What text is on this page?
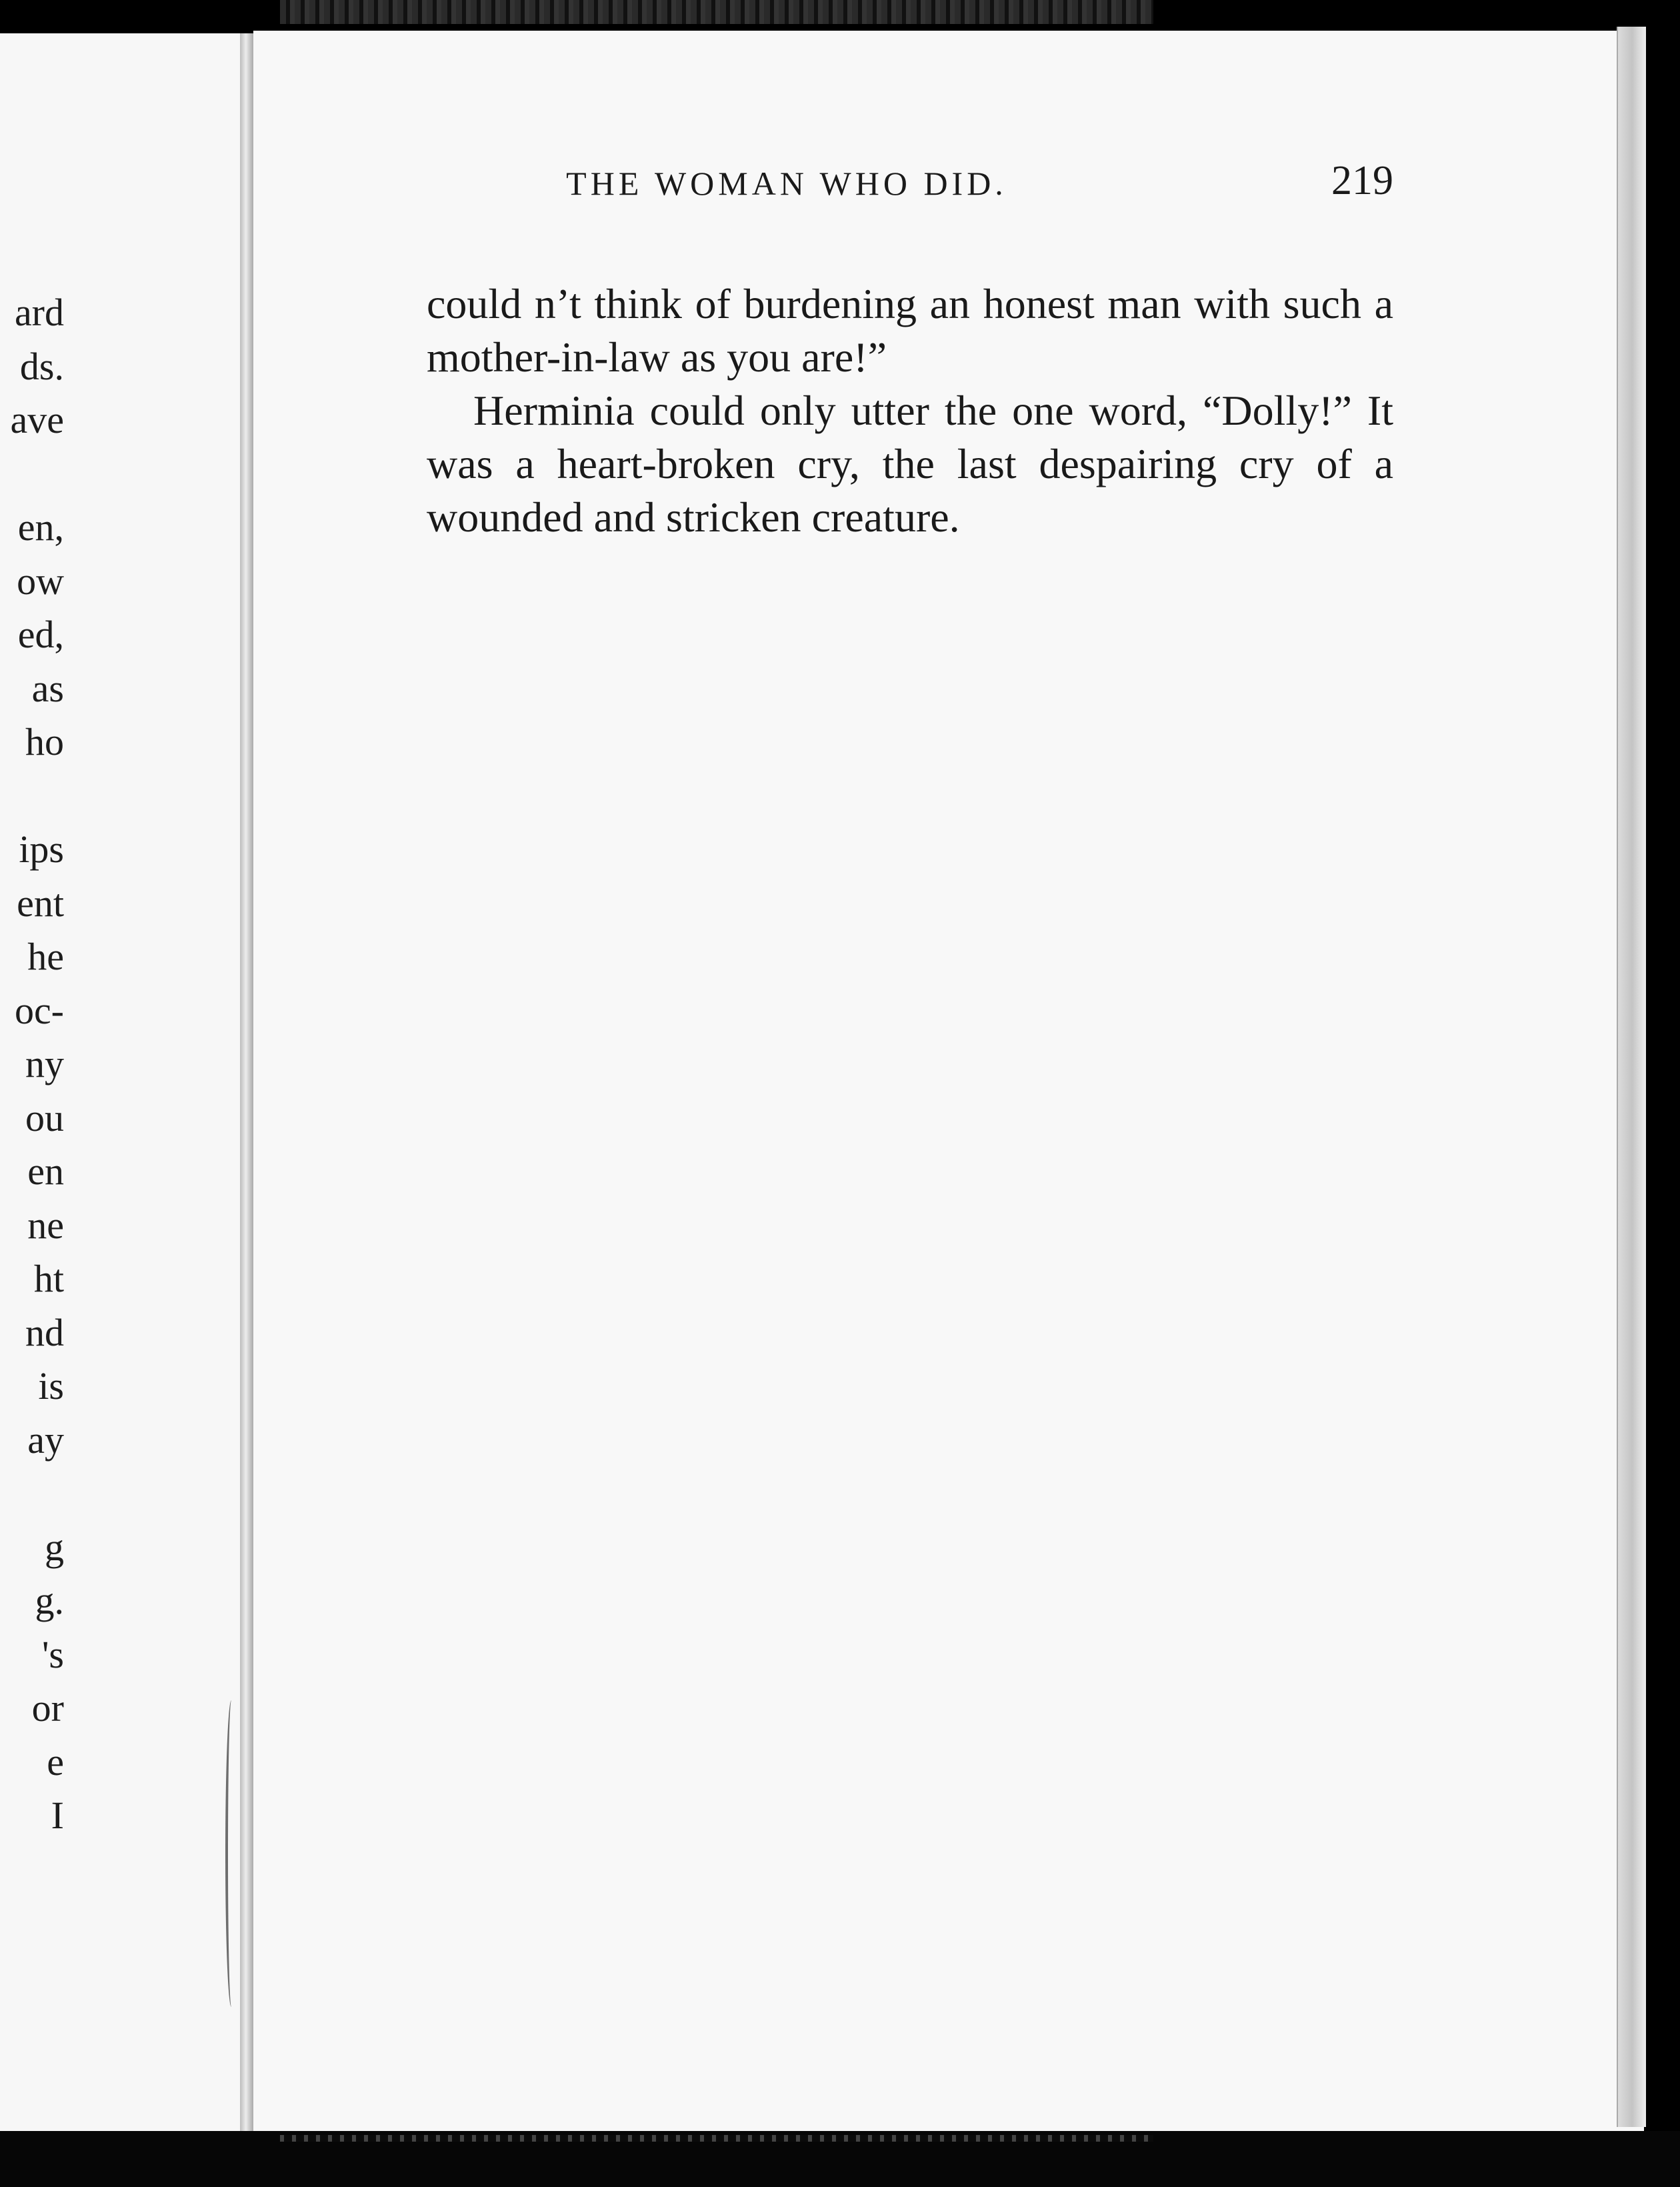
ard
ds.
ave
en,
ow
ed,
as
ho
ips
ent
he
oc-
ny
ou
en
ne
ht
nd
is
ay
g
g.
's
or
e
I
THE WOMAN WHO DID.	219

could n’t think of burdening an honest man with such a mother-in-law as you are!”

Herminia could only utter the one word, “Dolly!” It was a heart-broken cry, the last despairing cry of a wounded and stricken creature.
